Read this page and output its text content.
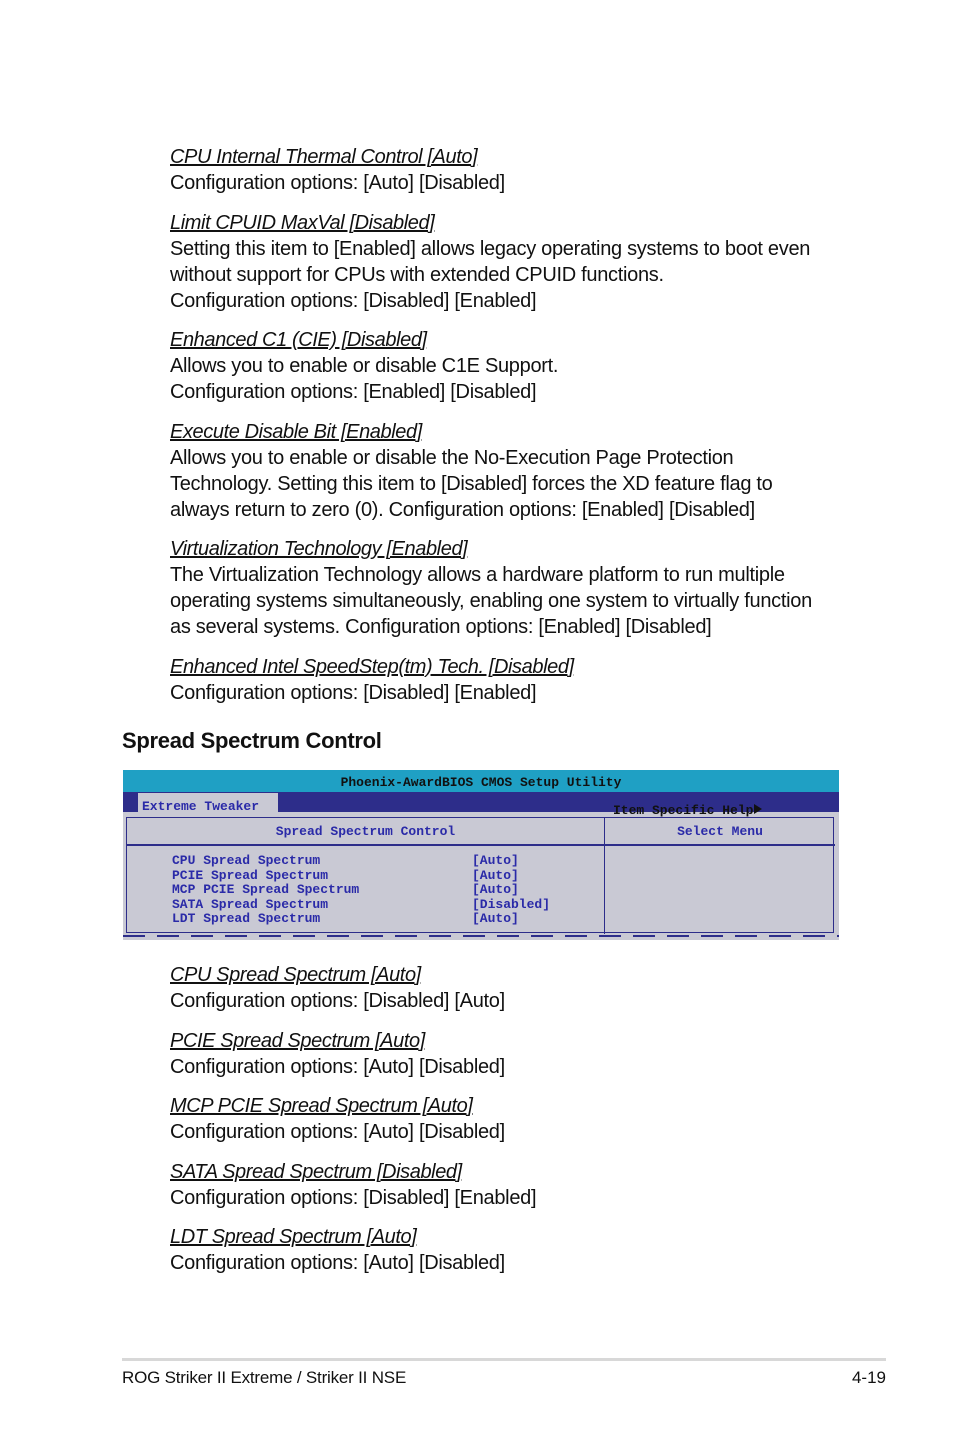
CPU Internal Thermal Control [Auto]
Configuration options: [Auto] [Disabled]
Limit CPUID MaxVal [Disabled]
Setting this item to [Enabled] allows legacy operating systems to boot even
without support for CPUs with extended CPUID functions.
Configuration options: [Disabled] [Enabled]
Enhanced C1 (CIE) [Disabled]
Allows you to enable or disable C1E Support.
Configuration options: [Enabled] [Disabled]
Execute Disable Bit [Enabled]
Allows you to enable or disable the No-Execution Page Protection
Technology. Setting this item to [Disabled] forces the XD feature flag to
always return to zero (0). Configuration options: [Enabled] [Disabled]
Virtualization Technology [Enabled]
The Virtualization Technology allows a hardware platform to run multiple
operating systems simultaneously, enabling one system to virtually function
as several systems. Configuration options: [Enabled] [Disabled]
Enhanced Intel SpeedStep(tm) Tech. [Disabled]
Configuration options: [Disabled] [Enabled]
Spread Spectrum Control
Phoenix-AwardBIOS CMOS Setup Utility
Extreme Tweaker
Spread Spectrum Control	Select Menu
CPU Spread Spectrum	[Auto]
PCIE Spread Spectrum	[Auto]
MCP PCIE Spread Spectrum	[Auto]
SATA Spread Spectrum	[Disabled]
LDT Spread Spectrum	[Auto]
Item Specific Help
CPU Spread Spectrum [Auto]
Configuration options: [Disabled] [Auto]
PCIE Spread Spectrum [Auto]
Configuration options: [Auto] [Disabled]
MCP PCIE Spread Spectrum [Auto]
Configuration options: [Auto] [Disabled]
SATA Spread Spectrum [Disabled]
Configuration options: [Disabled] [Enabled]
LDT Spread Spectrum [Auto]
Configuration options: [Auto] [Disabled]
ROG Striker II Extreme / Striker II NSE	4-19
